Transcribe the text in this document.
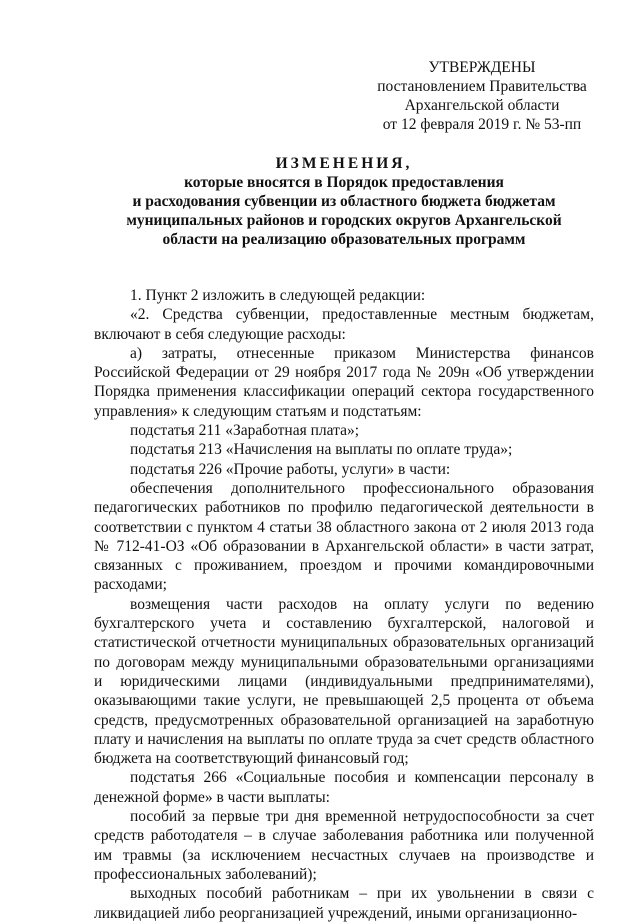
УТВЕРЖДЕНЫ
постановлением Правительства
Архангельской области
от 12 февраля 2019 г. № 53-пп
ИЗМЕНЕНИЯ,
которые вносятся в Порядок предоставления
и расходования субвенции из областного бюджета бюджетам
муниципальных районов и городских округов Архангельской
области на реализацию образовательных программ

1. Пункт 2 изложить в следующей редакции:

«2. Средства субвенции, предоставленные местным бюджетам, включают в себя следующие расходы:

а) затраты, отнесенные приказом Министерства финансов Российской Федерации от 29 ноября 2017 года № 209н «Об утверждении Порядка применения классификации операций сектора государственного управления» к следующим статьям и подстатьям:

подстатья 211 «Заработная плата»;

подстатья 213 «Начисления на выплаты по оплате труда»;

подстатья 226 «Прочие работы, услуги» в части:

обеспечения дополнительного профессионального образования педагогических работников по профилю педагогической деятельности в соответствии с пунктом 4 статьи 38 областного закона от 2 июля 2013 года № 712-41-ОЗ «Об образовании в Архангельской области» в части затрат, связанных с проживанием, проездом и прочими командировочными расходами;

возмещения части расходов на оплату услуги по ведению бухгалтерского учета и составлению бухгалтерской, налоговой и статистической отчетности муниципальных образовательных организаций по договорам между муниципальными образовательными организациями и юридическими лицами (индивидуальными предпринимателями), оказывающими такие услуги, не превышающей 2,5 процента от объема средств, предусмотренных образовательной организацией на заработную плату и начисления на выплаты по оплате труда за счет средств областного бюджета на соответствующий финансовый год;

подстатья 266 «Социальные пособия и компенсации персоналу в денежной форме» в части выплаты:

пособий за первые три дня временной нетрудоспособности за счет средств работодателя – в случае заболевания работника или полученной им травмы (за исключением несчастных случаев на производстве и профессиональных заболеваний);

выходных пособий работникам – при их увольнении в связи с ликвидацией либо реорганизацией учреждений, иными организационно-
